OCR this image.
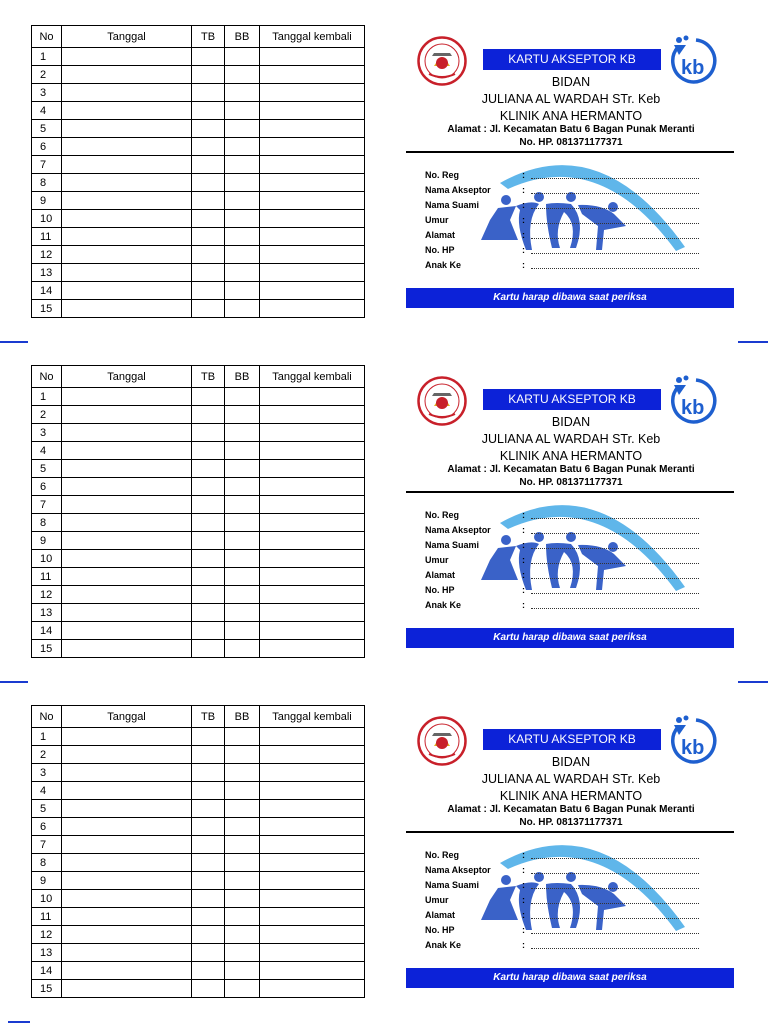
No	Tanggal	TB	BB	Tanggal kembali
1				
2				
3				
4				
5				
6				
7				
8				
9				
10				
11				
12				
13				
14				
15				
KARTU AKSEPTOR KB	kb
BIDAN
JULIANA AL WARDAH STr. Keb
KLINIK ANA HERMANTO
Alamat : Jl. Kecamatan Batu 6 Bagan Punak Meranti
No. HP. 081371177371
No. Reg	:
Nama Akseptor	:
Nama Suami	:
Umur	:
Alamat	:
No. HP	:
Anak Ke	:
Kartu harap dibawa saat periksa
No	Tanggal	TB	BB	Tanggal kembali
1				
2				
3				
4				
5				
6				
7				
8				
9				
10				
11				
12				
13				
14				
15				
KARTU AKSEPTOR KB	kb
BIDAN
JULIANA AL WARDAH STr. Keb
KLINIK ANA HERMANTO
Alamat : Jl. Kecamatan Batu 6 Bagan Punak Meranti
No. HP. 081371177371
No. Reg	:
Nama Akseptor	:
Nama Suami	:
Umur	:
Alamat	:
No. HP	:
Anak Ke	:
Kartu harap dibawa saat periksa
No	Tanggal	TB	BB	Tanggal kembali
1				
2				
3				
4				
5				
6				
7				
8				
9				
10				
11				
12				
13				
14				
15				
KARTU AKSEPTOR KB	kb
BIDAN
JULIANA AL WARDAH STr. Keb
KLINIK ANA HERMANTO
Alamat : Jl. Kecamatan Batu 6 Bagan Punak Meranti
No. HP. 081371177371
No. Reg	:
Nama Akseptor	:
Nama Suami	:
Umur	:
Alamat	:
No. HP	:
Anak Ke	:
Kartu harap dibawa saat periksa
